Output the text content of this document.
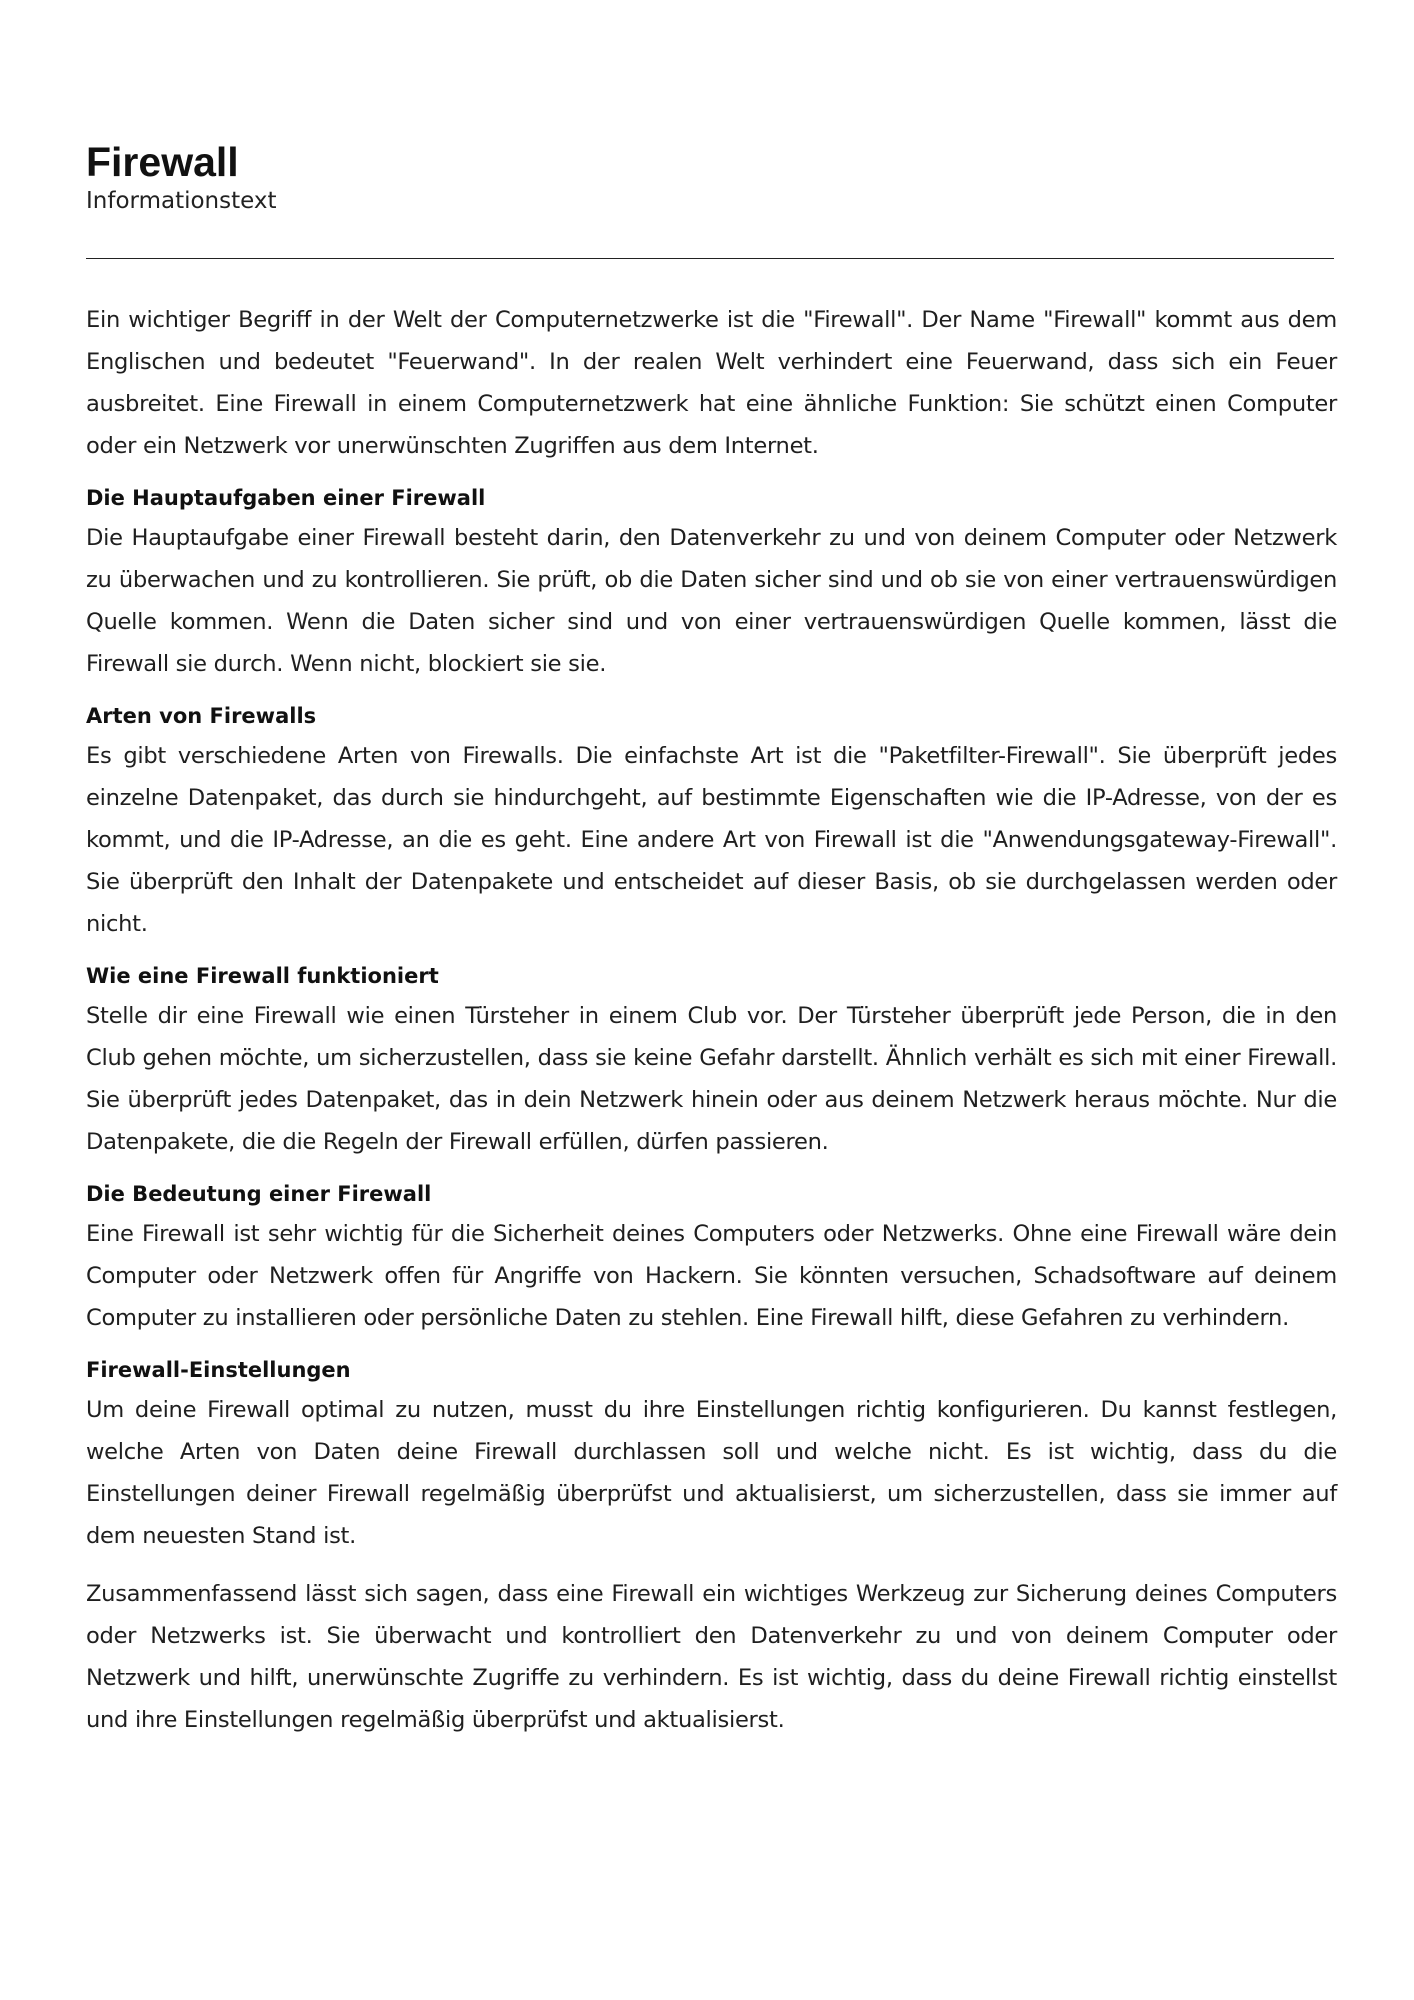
Firewall

Informationstext

Ein wichtiger Begriff in der Welt der Computernetzwerke ist die "Firewall". Der Name "Firewall" kommt aus dem Englischen und bedeutet "Feuerwand". In der realen Welt verhindert eine Feuerwand, dass sich ein Feuer ausbreitet. Eine Firewall in einem Computernetzwerk hat eine ähnliche Funktion: Sie schützt einen Computer oder ein Netzwerk vor unerwünschten Zugriffen aus dem Internet.

Die Hauptaufgaben einer Firewall

Die Hauptaufgabe einer Firewall besteht darin, den Datenverkehr zu und von deinem Computer oder Netzwerk zu überwachen und zu kontrollieren. Sie prüft, ob die Daten sicher sind und ob sie von einer vertrauenswürdigen Quelle kommen. Wenn die Daten sicher sind und von einer vertrauenswürdigen Quelle kommen, lässt die Firewall sie durch. Wenn nicht, blockiert sie sie.

Arten von Firewalls

Es gibt verschiedene Arten von Firewalls. Die einfachste Art ist die "Paketfilter-Firewall". Sie überprüft jedes einzelne Datenpaket, das durch sie hindurchgeht, auf bestimmte Eigenschaften wie die IP-Adresse, von der es kommt, und die IP-Adresse, an die es geht. Eine andere Art von Firewall ist die "Anwendungsgateway-Firewall". Sie überprüft den Inhalt der Datenpakete und entscheidet auf dieser Basis, ob sie durchgelassen werden oder nicht.

Wie eine Firewall funktioniert

Stelle dir eine Firewall wie einen Türsteher in einem Club vor. Der Türsteher überprüft jede Person, die in den Club gehen möchte, um sicherzustellen, dass sie keine Gefahr darstellt. Ähnlich verhält es sich mit einer Firewall. Sie überprüft jedes Datenpaket, das in dein Netzwerk hinein oder aus deinem Netzwerk heraus möchte. Nur die Datenpakete, die die Regeln der Firewall erfüllen, dürfen passieren.

Die Bedeutung einer Firewall

Eine Firewall ist sehr wichtig für die Sicherheit deines Computers oder Netzwerks. Ohne eine Firewall wäre dein Computer oder Netzwerk offen für Angriffe von Hackern. Sie könnten versuchen, Schadsoftware auf deinem Computer zu installieren oder persönliche Daten zu stehlen. Eine Firewall hilft, diese Gefahren zu verhindern.

Firewall-Einstellungen

Um deine Firewall optimal zu nutzen, musst du ihre Einstellungen richtig konfigurieren. Du kannst festlegen, welche Arten von Daten deine Firewall durchlassen soll und welche nicht. Es ist wichtig, dass du die Einstellungen deiner Firewall regelmäßig überprüfst und aktualisierst, um sicherzustellen, dass sie immer auf dem neuesten Stand ist.

Zusammenfassend lässt sich sagen, dass eine Firewall ein wichtiges Werkzeug zur Sicherung deines Computers oder Netzwerks ist. Sie überwacht und kontrolliert den Datenverkehr zu und von deinem Computer oder Netzwerk und hilft, unerwünschte Zugriffe zu verhindern. Es ist wichtig, dass du deine Firewall richtig einstellst und ihre Einstellungen regelmäßig überprüfst und aktualisierst.
